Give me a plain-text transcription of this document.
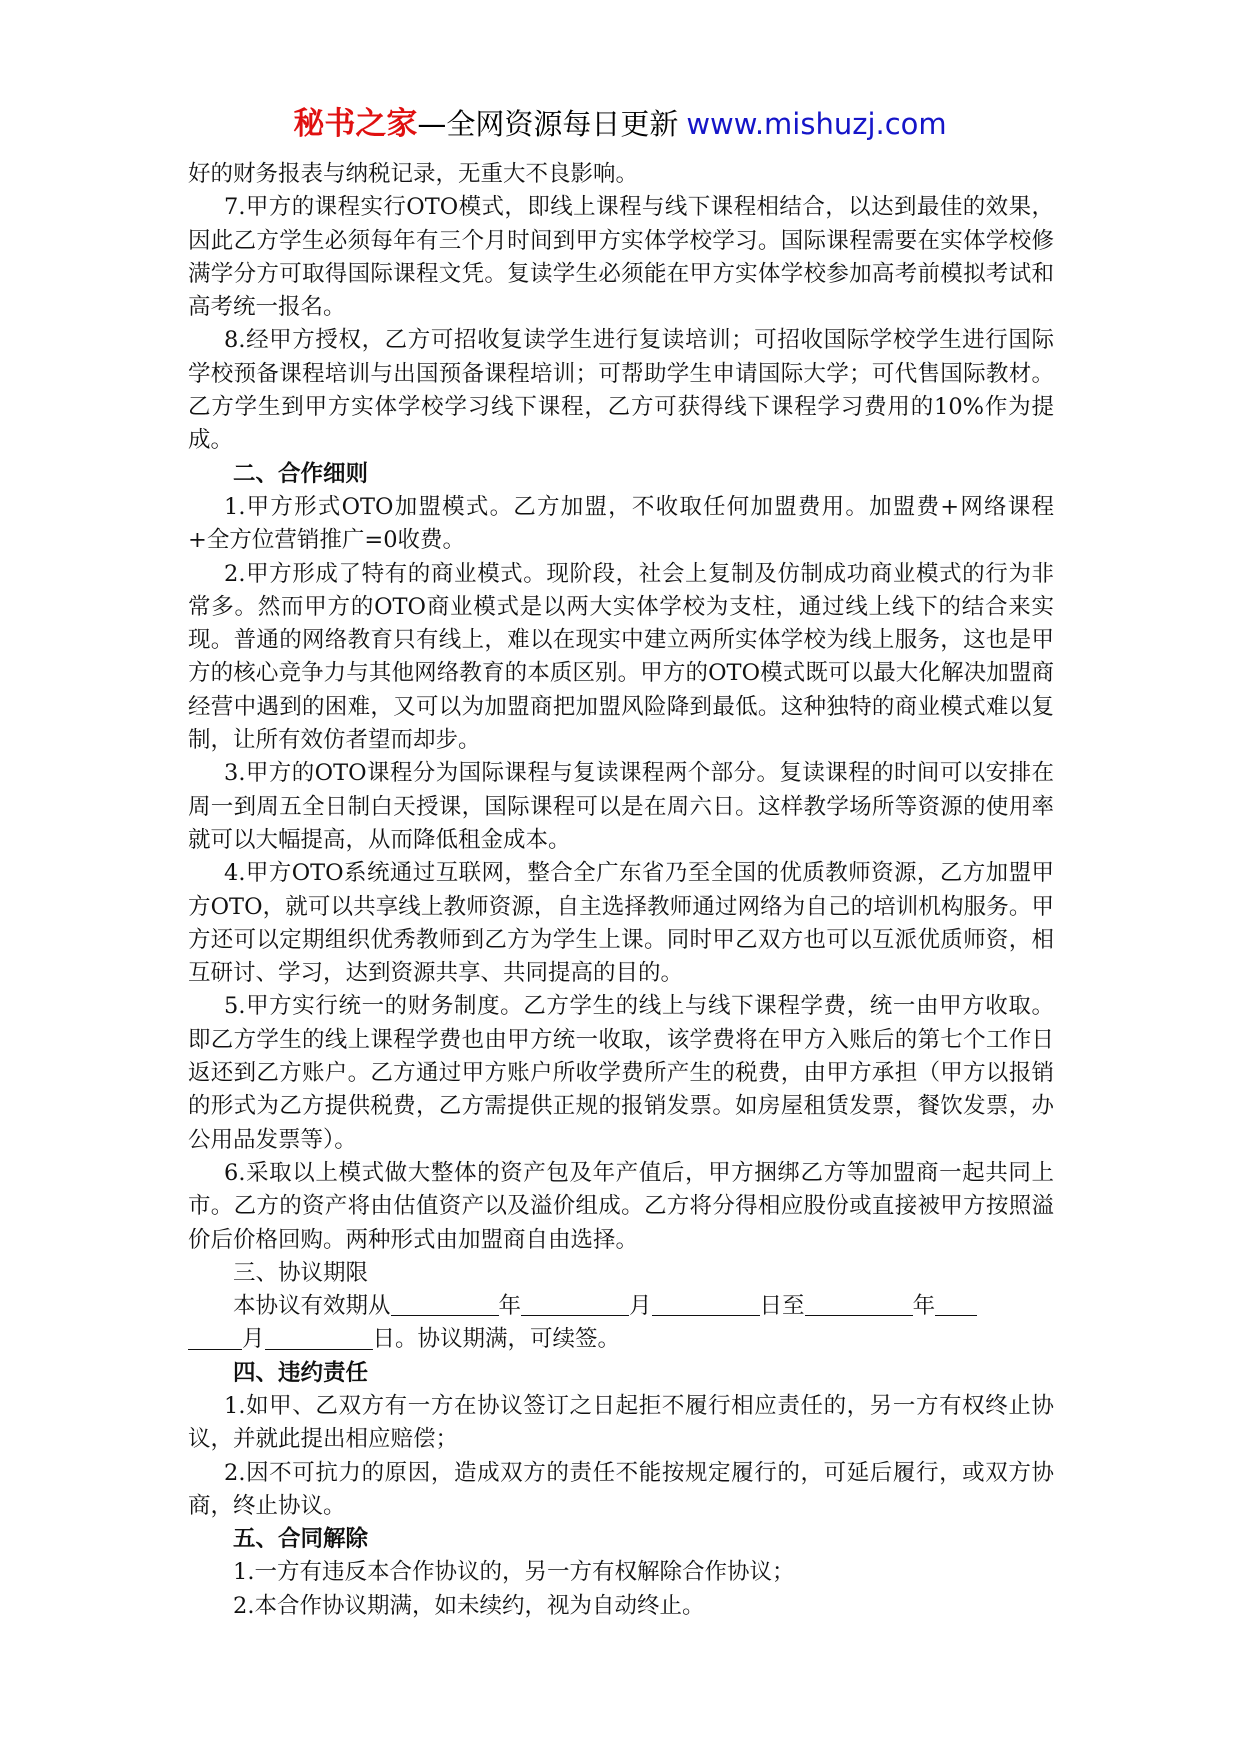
秘书之家—全网资源每日更新 www.mishuzj.com

好的财务报表与纳税记录，无重大不良影响。

7.甲方的课程实行OTO模式，即线上课程与线下课程相结合，以达到最佳的效果，因此乙方学生必须每年有三个月时间到甲方实体学校学习。国际课程需要在实体学校修满学分方可取得国际课程文凭。复读学生必须能在甲方实体学校参加高考前模拟考试和高考统一报名。

8.经甲方授权，乙方可招收复读学生进行复读培训；可招收国际学校学生进行国际学校预备课程培训与出国预备课程培训；可帮助学生申请国际大学；可代售国际教材。乙方学生到甲方实体学校学习线下课程，乙方可获得线下课程学习费用的10%作为提成。

二、合作细则

1.甲方形式OTO加盟模式。乙方加盟，不收取任何加盟费用。加盟费+网络课程+全方位营销推广=0收费。

2.甲方形成了特有的商业模式。现阶段，社会上复制及仿制成功商业模式的行为非常多。然而甲方的OTO商业模式是以两大实体学校为支柱，通过线上线下的结合来实现。普通的网络教育只有线上，难以在现实中建立两所实体学校为线上服务，这也是甲方的核心竞争力与其他网络教育的本质区别。甲方的OTO模式既可以最大化解决加盟商经营中遇到的困难，又可以为加盟商把加盟风险降到最低。这种独特的商业模式难以复制，让所有效仿者望而却步。

3.甲方的OTO课程分为国际课程与复读课程两个部分。复读课程的时间可以安排在周一到周五全日制白天授课，国际课程可以是在周六日。这样教学场所等资源的使用率就可以大幅提高，从而降低租金成本。

4.甲方OTO系统通过互联网，整合全广东省乃至全国的优质教师资源，乙方加盟甲方OTO，就可以共享线上教师资源，自主选择教师通过网络为自己的培训机构服务。甲方还可以定期组织优秀教师到乙方为学生上课。同时甲乙双方也可以互派优质师资，相互研讨、学习，达到资源共享、共同提高的目的。

5.甲方实行统一的财务制度。乙方学生的线上与线下课程学费，统一由甲方收取。即乙方学生的线上课程学费也由甲方统一收取，该学费将在甲方入账后的第七个工作日返还到乙方账户。乙方通过甲方账户所收学费所产生的税费，由甲方承担（甲方以报销的形式为乙方提供税费，乙方需提供正规的报销发票。如房屋租赁发票，餐饮发票，办公用品发票等）。

6.采取以上模式做大整体的资产包及年产值后，甲方捆绑乙方等加盟商一起共同上市。乙方的资产将由估值资产以及溢价组成。乙方将分得相应股份或直接被甲方按照溢价后价格回购。两种形式由加盟商自由选择。

三、协议期限

本协议有效期从	年	月	日至	年
月	日。协议期满，可续签。

四、违约责任

1.如甲、乙双方有一方在协议签订之日起拒不履行相应责任的，另一方有权终止协议，并就此提出相应赔偿；

2.因不可抗力的原因，造成双方的责任不能按规定履行的，可延后履行，或双方协商，终止协议。

五、合同解除

1.一方有违反本合作协议的，另一方有权解除合作协议；

2.本合作协议期满，如未续约，视为自动终止。
